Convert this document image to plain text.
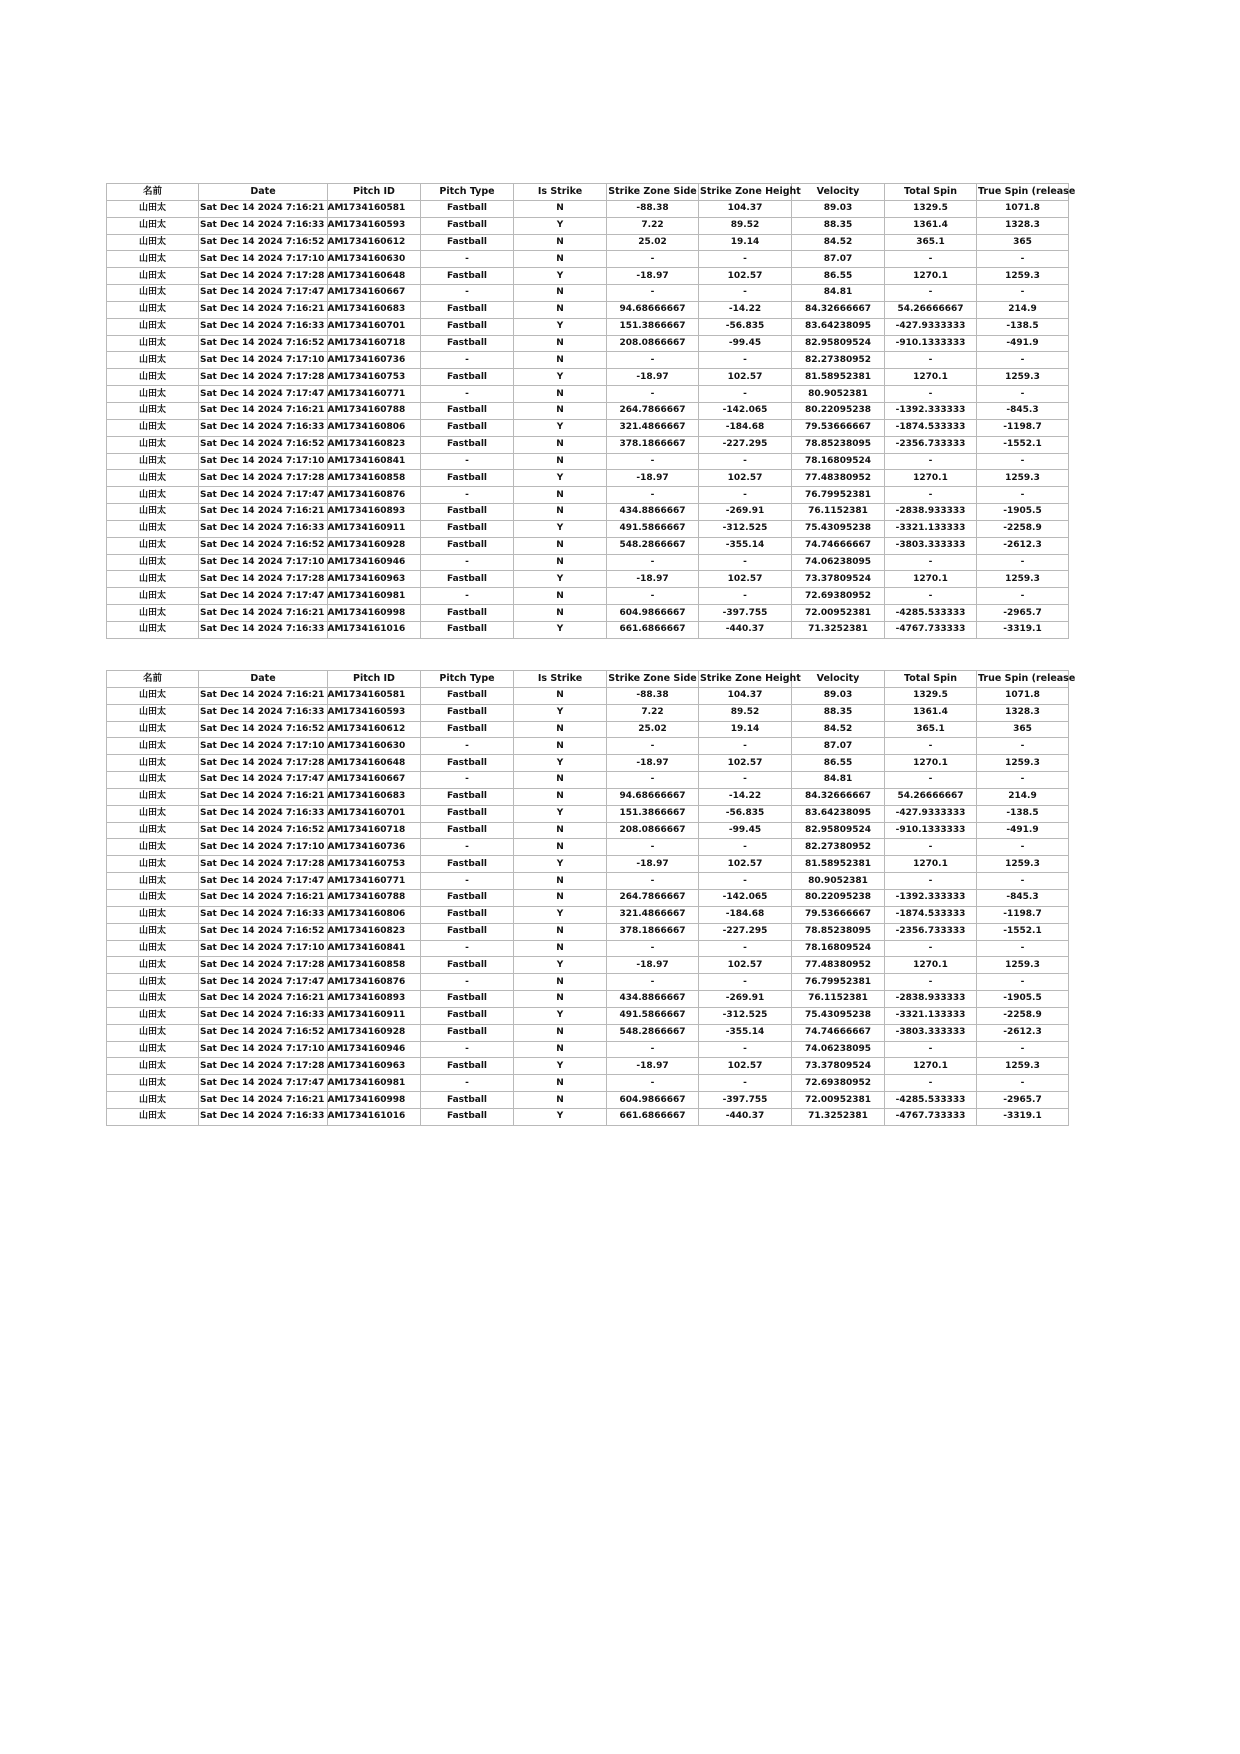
名前	Date	Pitch ID	Pitch Type	Is Strike	Strike Zone Side	Strike Zone Height	Velocity	Total Spin	True Spin (release
山田太	Sat Dec 14 2024 7:16:21 AM	1734160581	Fastball	N	-88.38	104.37	89.03	1329.5	1071.8
山田太	Sat Dec 14 2024 7:16:33 AM	1734160593	Fastball	Y	7.22	89.52	88.35	1361.4	1328.3
山田太	Sat Dec 14 2024 7:16:52 AM	1734160612	Fastball	N	25.02	19.14	84.52	365.1	365
山田太	Sat Dec 14 2024 7:17:10 AM	1734160630	-	N	-	-	87.07	-	-
山田太	Sat Dec 14 2024 7:17:28 AM	1734160648	Fastball	Y	-18.97	102.57	86.55	1270.1	1259.3
山田太	Sat Dec 14 2024 7:17:47 AM	1734160667	-	N	-	-	84.81	-	-
山田太	Sat Dec 14 2024 7:16:21 AM	1734160683	Fastball	N	94.68666667	-14.22	84.32666667	54.26666667	214.9
山田太	Sat Dec 14 2024 7:16:33 AM	1734160701	Fastball	Y	151.3866667	-56.835	83.64238095	-427.9333333	-138.5
山田太	Sat Dec 14 2024 7:16:52 AM	1734160718	Fastball	N	208.0866667	-99.45	82.95809524	-910.1333333	-491.9
山田太	Sat Dec 14 2024 7:17:10 AM	1734160736	-	N	-	-	82.27380952	-	-
山田太	Sat Dec 14 2024 7:17:28 AM	1734160753	Fastball	Y	-18.97	102.57	81.58952381	1270.1	1259.3
山田太	Sat Dec 14 2024 7:17:47 AM	1734160771	-	N	-	-	80.9052381	-	-
山田太	Sat Dec 14 2024 7:16:21 AM	1734160788	Fastball	N	264.7866667	-142.065	80.22095238	-1392.333333	-845.3
山田太	Sat Dec 14 2024 7:16:33 AM	1734160806	Fastball	Y	321.4866667	-184.68	79.53666667	-1874.533333	-1198.7
山田太	Sat Dec 14 2024 7:16:52 AM	1734160823	Fastball	N	378.1866667	-227.295	78.85238095	-2356.733333	-1552.1
山田太	Sat Dec 14 2024 7:17:10 AM	1734160841	-	N	-	-	78.16809524	-	-
山田太	Sat Dec 14 2024 7:17:28 AM	1734160858	Fastball	Y	-18.97	102.57	77.48380952	1270.1	1259.3
山田太	Sat Dec 14 2024 7:17:47 AM	1734160876	-	N	-	-	76.79952381	-	-
山田太	Sat Dec 14 2024 7:16:21 AM	1734160893	Fastball	N	434.8866667	-269.91	76.1152381	-2838.933333	-1905.5
山田太	Sat Dec 14 2024 7:16:33 AM	1734160911	Fastball	Y	491.5866667	-312.525	75.43095238	-3321.133333	-2258.9
山田太	Sat Dec 14 2024 7:16:52 AM	1734160928	Fastball	N	548.2866667	-355.14	74.74666667	-3803.333333	-2612.3
山田太	Sat Dec 14 2024 7:17:10 AM	1734160946	-	N	-	-	74.06238095	-	-
山田太	Sat Dec 14 2024 7:17:28 AM	1734160963	Fastball	Y	-18.97	102.57	73.37809524	1270.1	1259.3
山田太	Sat Dec 14 2024 7:17:47 AM	1734160981	-	N	-	-	72.69380952	-	-
山田太	Sat Dec 14 2024 7:16:21 AM	1734160998	Fastball	N	604.9866667	-397.755	72.00952381	-4285.533333	-2965.7
山田太	Sat Dec 14 2024 7:16:33 AM	1734161016	Fastball	Y	661.6866667	-440.37	71.3252381	-4767.733333	-3319.1
名前	Date	Pitch ID	Pitch Type	Is Strike	Strike Zone Side	Strike Zone Height	Velocity	Total Spin	True Spin (release
山田太	Sat Dec 14 2024 7:16:21 AM	1734160581	Fastball	N	-88.38	104.37	89.03	1329.5	1071.8
山田太	Sat Dec 14 2024 7:16:33 AM	1734160593	Fastball	Y	7.22	89.52	88.35	1361.4	1328.3
山田太	Sat Dec 14 2024 7:16:52 AM	1734160612	Fastball	N	25.02	19.14	84.52	365.1	365
山田太	Sat Dec 14 2024 7:17:10 AM	1734160630	-	N	-	-	87.07	-	-
山田太	Sat Dec 14 2024 7:17:28 AM	1734160648	Fastball	Y	-18.97	102.57	86.55	1270.1	1259.3
山田太	Sat Dec 14 2024 7:17:47 AM	1734160667	-	N	-	-	84.81	-	-
山田太	Sat Dec 14 2024 7:16:21 AM	1734160683	Fastball	N	94.68666667	-14.22	84.32666667	54.26666667	214.9
山田太	Sat Dec 14 2024 7:16:33 AM	1734160701	Fastball	Y	151.3866667	-56.835	83.64238095	-427.9333333	-138.5
山田太	Sat Dec 14 2024 7:16:52 AM	1734160718	Fastball	N	208.0866667	-99.45	82.95809524	-910.1333333	-491.9
山田太	Sat Dec 14 2024 7:17:10 AM	1734160736	-	N	-	-	82.27380952	-	-
山田太	Sat Dec 14 2024 7:17:28 AM	1734160753	Fastball	Y	-18.97	102.57	81.58952381	1270.1	1259.3
山田太	Sat Dec 14 2024 7:17:47 AM	1734160771	-	N	-	-	80.9052381	-	-
山田太	Sat Dec 14 2024 7:16:21 AM	1734160788	Fastball	N	264.7866667	-142.065	80.22095238	-1392.333333	-845.3
山田太	Sat Dec 14 2024 7:16:33 AM	1734160806	Fastball	Y	321.4866667	-184.68	79.53666667	-1874.533333	-1198.7
山田太	Sat Dec 14 2024 7:16:52 AM	1734160823	Fastball	N	378.1866667	-227.295	78.85238095	-2356.733333	-1552.1
山田太	Sat Dec 14 2024 7:17:10 AM	1734160841	-	N	-	-	78.16809524	-	-
山田太	Sat Dec 14 2024 7:17:28 AM	1734160858	Fastball	Y	-18.97	102.57	77.48380952	1270.1	1259.3
山田太	Sat Dec 14 2024 7:17:47 AM	1734160876	-	N	-	-	76.79952381	-	-
山田太	Sat Dec 14 2024 7:16:21 AM	1734160893	Fastball	N	434.8866667	-269.91	76.1152381	-2838.933333	-1905.5
山田太	Sat Dec 14 2024 7:16:33 AM	1734160911	Fastball	Y	491.5866667	-312.525	75.43095238	-3321.133333	-2258.9
山田太	Sat Dec 14 2024 7:16:52 AM	1734160928	Fastball	N	548.2866667	-355.14	74.74666667	-3803.333333	-2612.3
山田太	Sat Dec 14 2024 7:17:10 AM	1734160946	-	N	-	-	74.06238095	-	-
山田太	Sat Dec 14 2024 7:17:28 AM	1734160963	Fastball	Y	-18.97	102.57	73.37809524	1270.1	1259.3
山田太	Sat Dec 14 2024 7:17:47 AM	1734160981	-	N	-	-	72.69380952	-	-
山田太	Sat Dec 14 2024 7:16:21 AM	1734160998	Fastball	N	604.9866667	-397.755	72.00952381	-4285.533333	-2965.7
山田太	Sat Dec 14 2024 7:16:33 AM	1734161016	Fastball	Y	661.6866667	-440.37	71.3252381	-4767.733333	-3319.1
